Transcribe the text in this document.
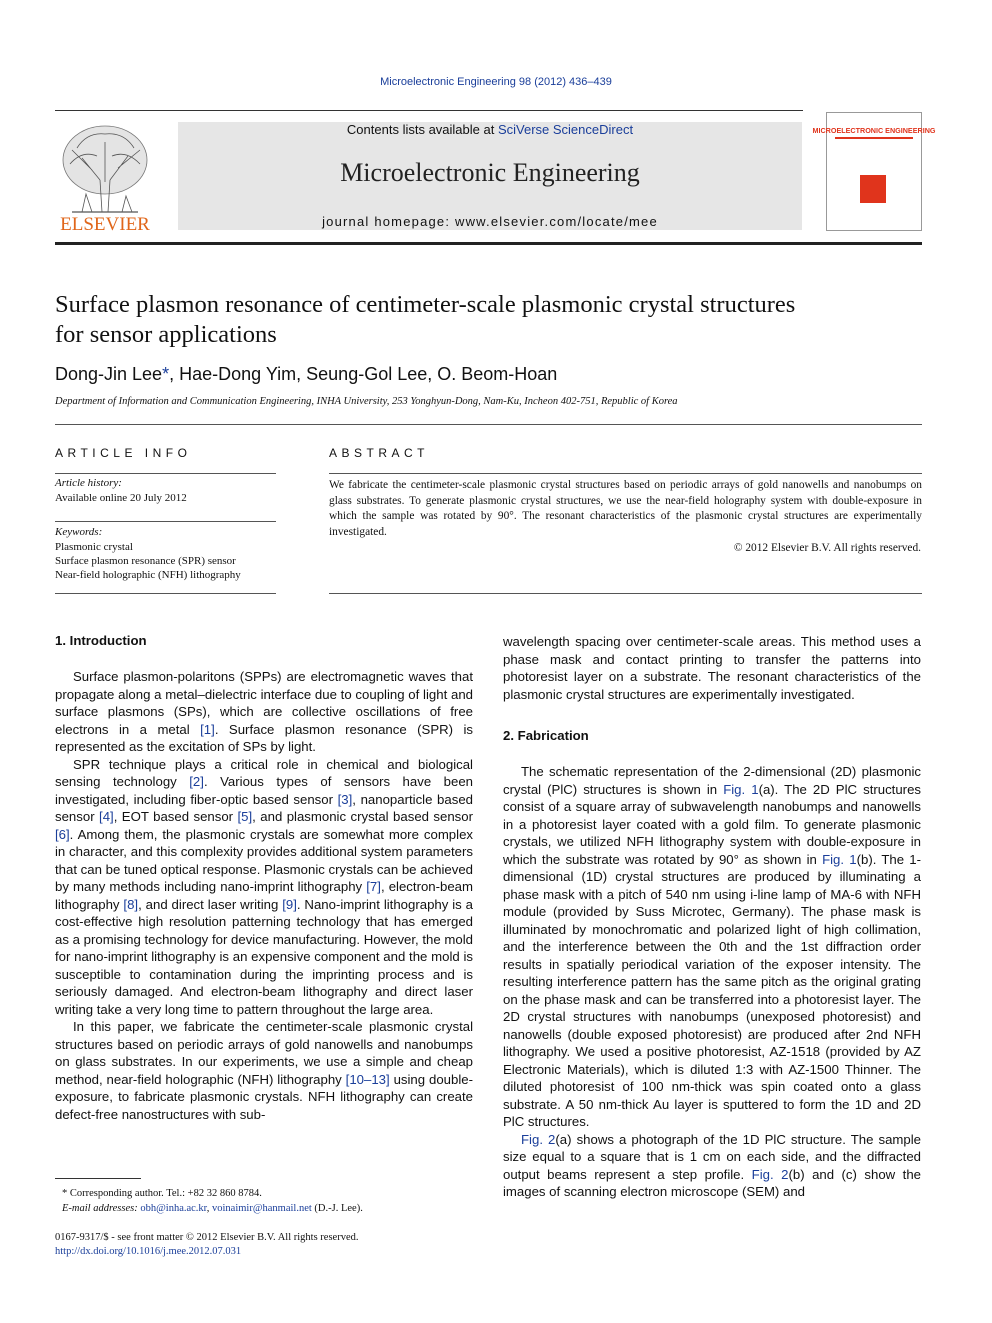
Microelectronic Engineering 98 (2012) 436–439
ELSEVIER
Contents lists available at SciVerse ScienceDirect
Microelectronic Engineering
journal homepage: www.elsevier.com/locate/mee
MICROELECTRONIC ENGINEERING
Surface plasmon resonance of centimeter-scale plasmonic crystal structures
for sensor applications
Dong-Jin Lee*, Hae-Dong Yim, Seung-Gol Lee, O. Beom-Hoan
Department of Information and Communication Engineering, INHA University, 253 Yonghyun-Dong, Nam-Ku, Incheon 402-751, Republic of Korea
ARTICLE INFO
Article history:
Available online 20 July 2012
Keywords:
Plasmonic crystal
Surface plasmon resonance (SPR) sensor
Near-field holographic (NFH) lithography
ABSTRACT
We fabricate the centimeter-scale plasmonic crystal structures based on periodic arrays of gold nanowells and nanobumps on glass substrates. To generate plasmonic crystal structures, we use the near-field holography system with double-exposure in which the sample was rotated by 90°. The resonant characteristics of the plasmonic crystal structures are experimentally investigated.
© 2012 Elsevier B.V. All rights reserved.
1. Introduction

Surface plasmon-polaritons (SPPs) are electromagnetic waves that propagate along a metal–dielectric interface due to coupling of light and surface plasmons (SPs), which are collective oscillations of free electrons in a metal [1]. Surface plasmon resonance (SPR) is represented as the excitation of SPs by light.

SPR technique plays a critical role in chemical and biological sensing technology [2]. Various types of sensors have been investigated, including fiber-optic based sensor [3], nanoparticle based sensor [4], EOT based sensor [5], and plasmonic crystal based sensor [6]. Among them, the plasmonic crystals are somewhat more complex in character, and this complexity provides additional system parameters that can be tuned optical response. Plasmonic crystals can be achieved by many methods including nano-imprint lithography [7], electron-beam lithography [8], and direct laser writing [9]. Nano-imprint lithography is a cost-effective high resolution patterning technology that has emerged as a promising technology for device manufacturing. However, the mold for nano-imprint lithography is an expensive component and the mold is susceptible to contamination during the imprinting process and is seriously damaged. And electron-beam lithography and direct laser writing take a very long time to pattern throughout the large area.

In this paper, we fabricate the centimeter-scale plasmonic crystal structures based on periodic arrays of gold nanowells and nanobumps on glass substrates. In our experiments, we use a simple and cheap method, near-field holographic (NFH) lithography [10–13] using double-exposure, to fabricate plasmonic crystals. NFH lithography can create defect-free nanostructures with sub-

wavelength spacing over centimeter-scale areas. This method uses a phase mask and contact printing to transfer the patterns into photoresist layer on a substrate. The resonant characteristics of the plasmonic crystal structures are experimentally investigated.

2. Fabrication

The schematic representation of the 2-dimensional (2D) plasmonic crystal (PlC) structures is shown in Fig. 1(a). The 2D PlC structures consist of a square array of subwavelength nanobumps and nanowells in a photoresist layer coated with a gold film. To generate plasmonic crystals, we utilized NFH lithography system with double-exposure in which the substrate was rotated by 90° as shown in Fig. 1(b). The 1-dimensional (1D) crystal structures are produced by illuminating a phase mask with a pitch of 540 nm using i-line lamp of MA-6 with NFH module (provided by Suss Microtec, Germany). The phase mask is illuminated by monochromatic and polarized light of high collimation, and the interference between the 0th and the 1st diffraction order results in spatially periodical variation of the exposer intensity. The resulting interference pattern has the same pitch as the original grating on the phase mask and can be transferred into a photoresist layer. The 2D crystal structures with nanobumps (unexposed photoresist) and nanowells (double exposed photoresist) are produced after 2nd NFH lithography. We used a positive photoresist, AZ-1518 (provided by AZ Electronic Materials), which is diluted 1:3 with AZ-1500 Thinner. The diluted photoresist of 100 nm-thick was spin coated onto a glass substrate. A 50 nm-thick Au layer is sputtered to form the 1D and 2D PlC structures.

Fig. 2(a) shows a photograph of the 1D PlC structure. The sample size equal to a square that is 1 cm on each side, and the diffracted output beams represent a step profile. Fig. 2(b) and (c) show the images of scanning electron microscope (SEM) and

* Corresponding author. Tel.: +82 32 860 8784.
E-mail addresses: obh@inha.ac.kr, voinaimir@hanmail.net (D.-J. Lee).
0167-9317/$ - see front matter © 2012 Elsevier B.V. All rights reserved.
http://dx.doi.org/10.1016/j.mee.2012.07.031
